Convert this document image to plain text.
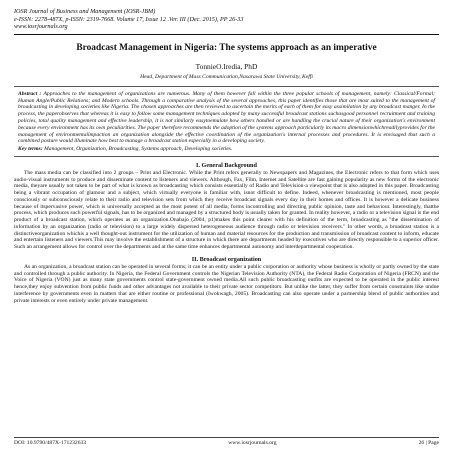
IOSR Journal of Business and Management (IOSR-JBM)
e-ISSN: 2278-487X, p-ISSN: 2319-7668. Volume 17, Issue 12 .Ver. III (Dec. 2015), PP 26-33
www.iosrjournals.org
Broadcast Management in Nigeria: The systems approach as an imperative
TonnieO.Iredia, PhD
Head, Department of Mass Communication,Nasarawa State University, Keffi
Abstract : Approaches to the management of organizations are numerous. Many of them however fall within the three popular schools of management, namely: Classical/Formal; Human Angle/Public Relations; and Modern schools. Through a comparative analysis of the several approaches, this paper identifies those that are most suited to the management of broadcasting in developing societies like Nigeria. The chosen approaches are then reviewed to ascertain the merits of each of them for easy assimilation by any broadcast manger. In the process, the paperobserves that whereas it is easy to follow some management techniques adopted by many successful broadcast stations suchasgood personnel recruitment and training policies, total quality management and effective leadership, it is not similarly easytoemulate how others handled or are handling the crucial nature of their organization's environment because every environment has its own peculiarities. The paper therefore recommends the adoption of the systems approach particularly its macro dimensionwhichreadilyprovides for the management of environmentalimpaction an organization alongside the effective coordination of the organization's internal processes and procedures. It is envisaged that such a combined posture would illuminate how best to manage a broadcast station especially in a developing society.
Key terms: Management, Organization, Broadcasting, Systems approach, Developing societies.
I. General Background

The mass media can be classified into 2 groups – Print and Electronic. While the Print refers generally to Newspapers and Magazines, the Electronic refers to that form which uses audio-visual instruments to produce and disseminate content to listeners and viewers. Although, Fax, Film, Internet and Satellite are fast gaining popularity as new forms of the electronic media, theyare usually not taken to be part of what is known as broadcasting which consists essentially of Radio and Television-a viewpoint that is also adopted in this paper. Broadcasting being a vibrant occupation of glamour and a subject, which virtually everyone is familiar with, isnot difficult to define. Indeed, whenever broadcasting is mentioned, most people consciously or subconsciously relate to their radio and television sets from which they receive broadcast signals every day in their homes and offices. It is however a delicate business because of itspervasive power, which is universally accepted as the most potent of all media, forms incontrolling and directing public opinion, taste and behaviour. Interestingly, thatthe process, which produces such powerful signals, has to be organized and managed by a structured body is usually taken for granted. In reality however, a radio or a television signal is the end product of a broadcast station, which operates as an organization.Onabajo (2004, p1)makes this point clearer with his definition of the term, broadcasting as "the dissemination of information by an organization (radio or television) to a large widely dispersed heterogeneous audience through radio or television receivers." In other words, a broadcast station is a distinctiveorganization whichis a well thought-out instrument for the utilization of human and material resources for the production and transmission of broadcast content to inform, educate and entertain listeners and viewers.This may involve the establishment of a structure in which there are departments headed by executives who are directly responsible to a superior officer. Such an arrangement allows for control over the departments and at the same time enhances departmental autonomy and interdepartmental cooperation.

II. Broadcast organization

As an organization, a broadcast station can be operated in several forms; it can be an entity under a public corporation or authority whose business is wholly or partly owned by the state and controlled through a public authority. In Nigeria, the Federal Government controls the Nigerian Television Authority (NTA), the Federal Radio Corporation of Nigeria (FRCN) and the Voice of Nigeria (VON) just as many state governments control state-government owned media.All such public broadcasting outfits are expected to be operated in the public interest hence,they enjoy subvention from public funds and other advantages not available to their private sector competitors. But unlike the latter, they suffer from certain constraints like undue interference by governments even in matters that are either routine or professional (Iwokwagh, 2005). Broadcasting can also operate under a partnership blend of public authorities and private interests or even entirely under private management.

DOI: 10.9790/487X-171232633	www.iosrjournals.org	26 | Page
